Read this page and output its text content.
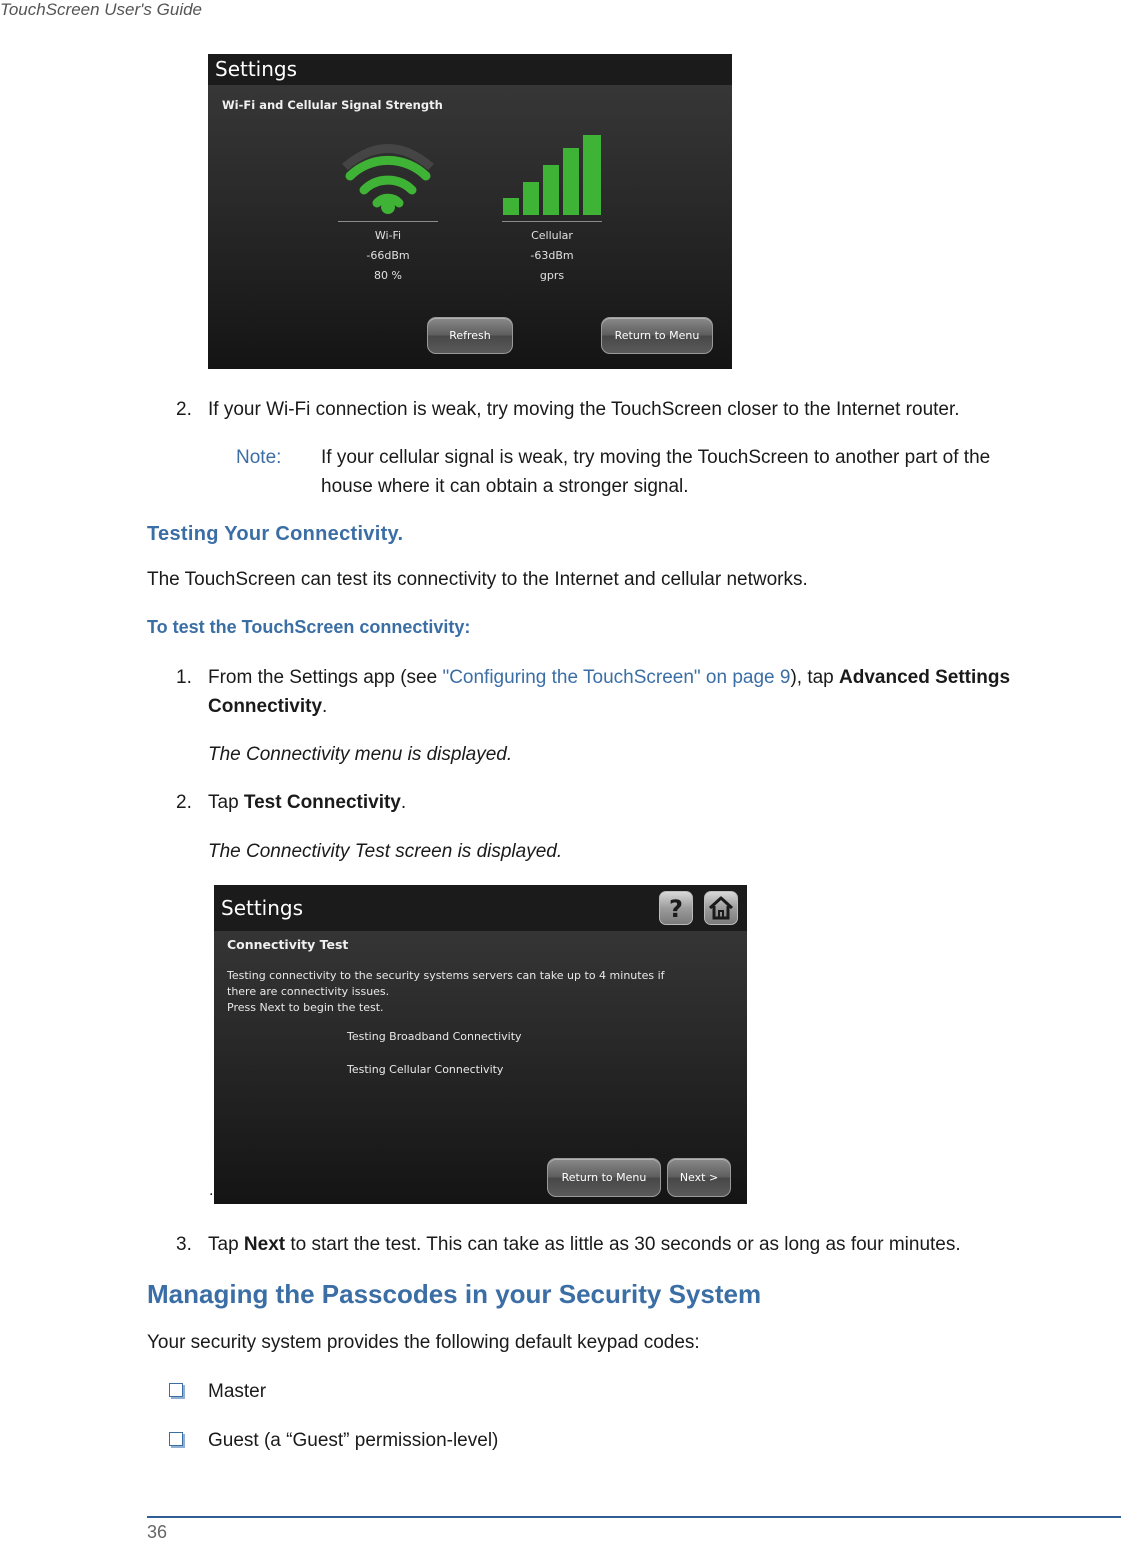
TouchScreen User's Guide
Settings
Wi-Fi and Cellular Signal Strength
Wi-Fi
-66dBm
80 %
Cellular
-63dBm
gprs
Refresh	Return to Menu
2. If your Wi-Fi connection is weak, try moving the TouchScreen closer to the Internet router.
Note: If your cellular signal is weak, try moving the TouchScreen to another part of the
house where it can obtain a stronger signal.
Testing Your Connectivity.
The TouchScreen can test its connectivity to the Internet and cellular networks.
To test the TouchScreen connectivity:
1. From the Settings app (see "Configuring the TouchScreen" on page 9), tap Advanced Settings
Connectivity.
The Connectivity menu is displayed.
2. Tap Test Connectivity.
The Connectivity Test screen is displayed.
.
Settings	?
Connectivity Test
Testing connectivity to the security systems servers can take up to 4 minutes if
there are connectivity issues.
Press Next to begin the test.
Testing Broadband Connectivity
Testing Cellular Connectivity
Return to Menu	Next >
3. Tap Next to start the test. This can take as little as 30 seconds or as long as four minutes.
Managing the Passcodes in your Security System
Your security system provides the following default keypad codes:
Master
Guest (a “Guest” permission-level)
36
